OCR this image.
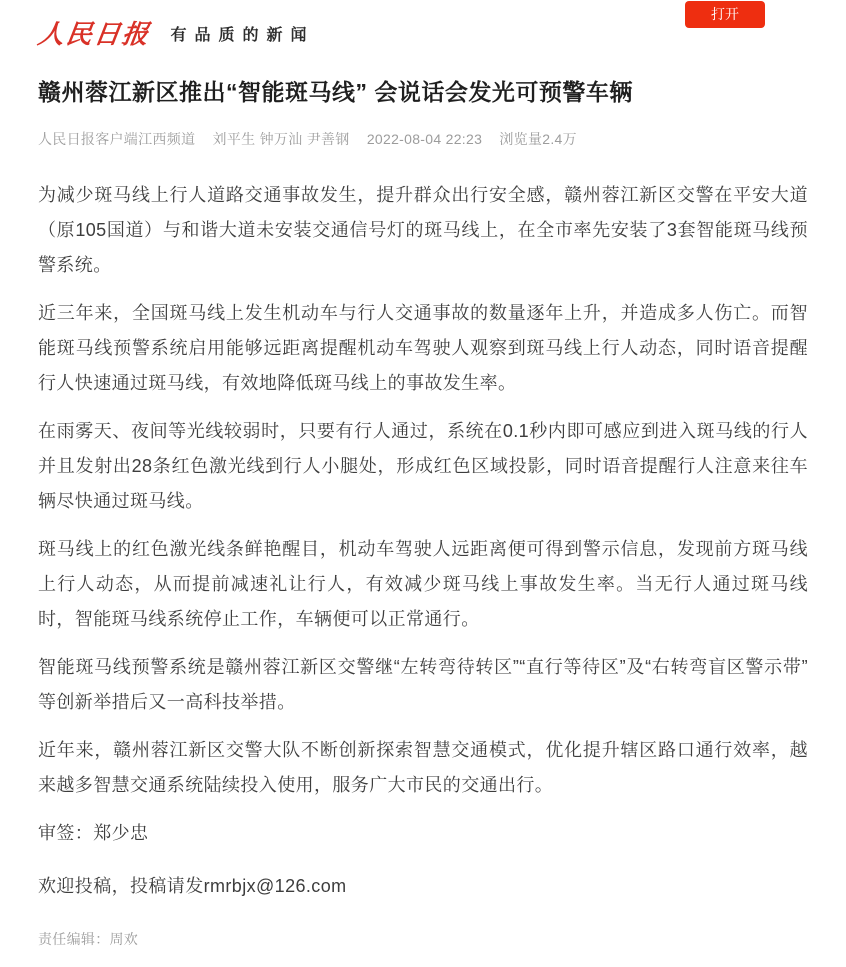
人民日报 有品质的新闻
打开
赣州蓉江新区推出“智能斑马线” 会说话会发光可预警车辆
人民日报客户端江西频道 刘平生 钟万汕 尹善钢 2022-08-04 22:23 浏览量2.4万

为减少斑马线上行人道路交通事故发生，提升群众出行安全感，赣州蓉江新区交警在平安大道（原105国道）与和谐大道未安装交通信号灯的斑马线上，在全市率先安装了3套智能斑马线预警系统。

近三年来，全国斑马线上发生机动车与行人交通事故的数量逐年上升，并造成多人伤亡。而智能斑马线预警系统启用能够远距离提醒机动车驾驶人观察到斑马线上行人动态，同时语音提醒行人快速通过斑马线，有效地降低斑马线上的事故发生率。

在雨雾天、夜间等光线较弱时，只要有行人通过，系统在0.1秒内即可感应到进入斑马线的行人并且发射出28条红色激光线到行人小腿处，形成红色区域投影，同时语音提醒行人注意来往车辆尽快通过斑马线。

斑马线上的红色激光线条鲜艳醒目，机动车驾驶人远距离便可得到警示信息，发现前方斑马线上行人动态，从而提前减速礼让行人，有效减少斑马线上事故发生率。当无行人通过斑马线时，智能斑马线系统停止工作，车辆便可以正常通行。

智能斑马线预警系统是赣州蓉江新区交警继“左转弯待转区”“直行等待区”及“右转弯盲区警示带”等创新举措后又一高科技举措。

近年来，赣州蓉江新区交警大队不断创新探索智慧交通模式，优化提升辖区路口通行效率，越来越多智慧交通系统陆续投入使用，服务广大市民的交通出行。

审签：郑少忠

欢迎投稿，投稿请发rmrbjx@126.com

责任编辑：周欢
